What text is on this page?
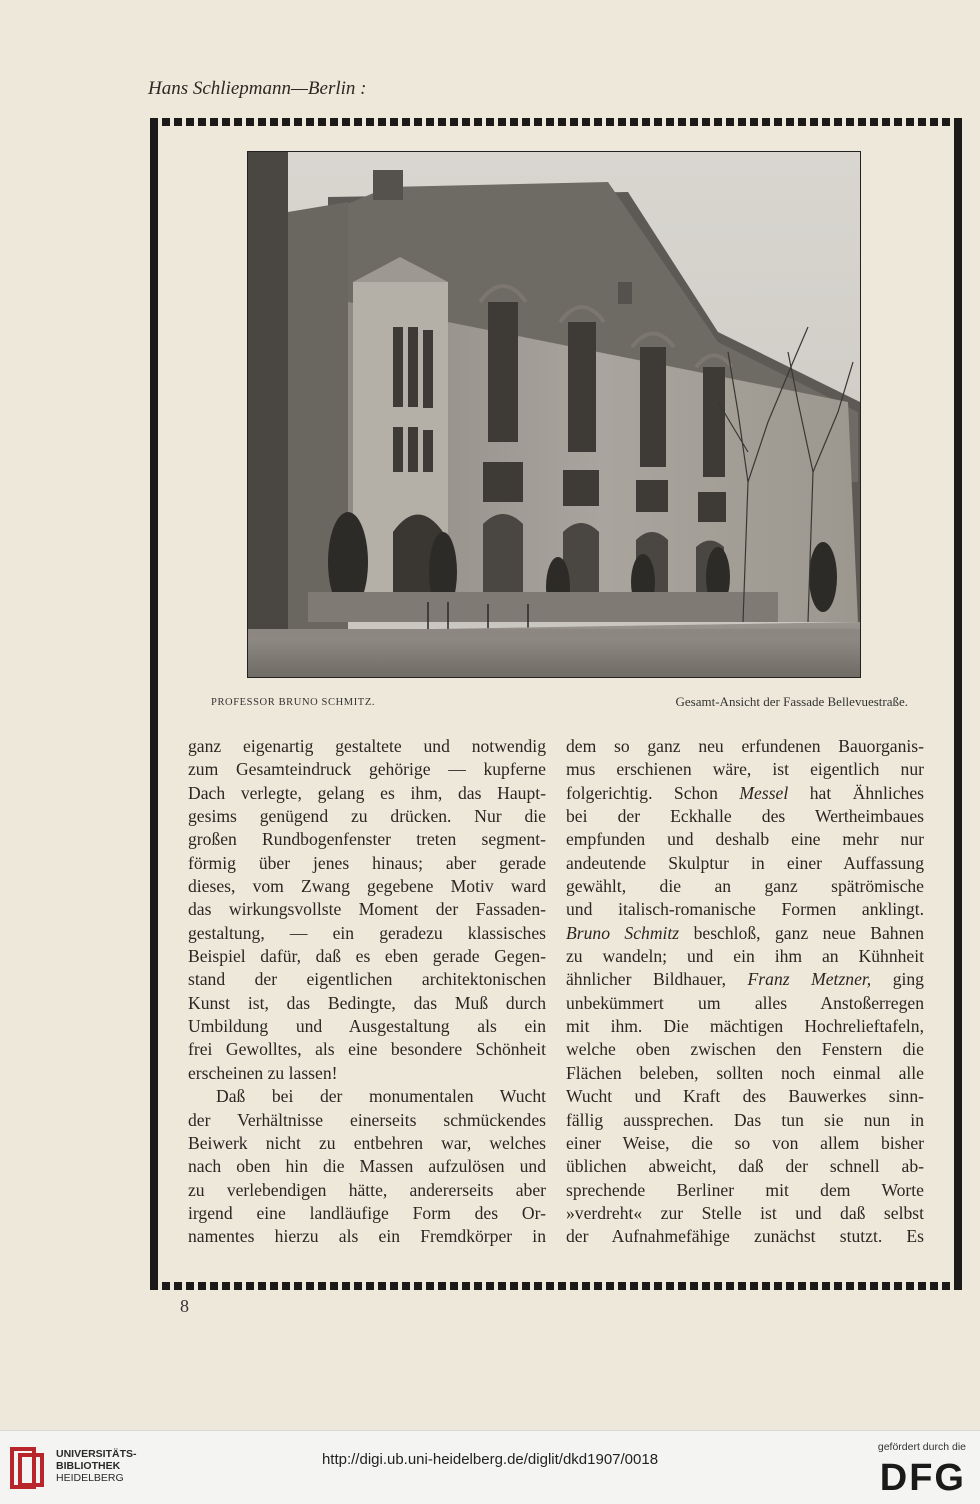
Hans Schliepmann—Berlin :
PROFESSOR BRUNO SCHMITZ.	Gesamt-Ansicht der Fassade Bellevuestraße.
ganz eigenartig gestaltete und notwendig
zum Gesamteindruck gehörige — kupferne
Dach verlegte, gelang es ihm, das Haupt-
gesims genügend zu drücken. Nur die
großen Rundbogenfenster treten segment-
förmig über jenes hinaus; aber gerade
dieses, vom Zwang gegebene Motiv ward
das wirkungsvollste Moment der Fassaden-
gestaltung, — ein geradezu klassisches
Beispiel dafür, daß es eben gerade Gegen-
stand der eigentlichen architektonischen
Kunst ist, das Bedingte, das Muß durch
Umbildung und Ausgestaltung als ein
frei Gewolltes, als eine besondere Schönheit
erscheinen zu lassen!
Daß bei der monumentalen Wucht
der Verhältnisse einerseits schmückendes
Beiwerk nicht zu entbehren war, welches
nach oben hin die Massen aufzulösen und
zu verlebendigen hätte, andererseits aber
irgend eine landläufige Form des Or-
namentes hierzu als ein Fremdkörper in
dem so ganz neu erfundenen Bauorganis-
mus erschienen wäre, ist eigentlich nur
folgerichtig. Schon Messel hat Ähnliches
bei der Eckhalle des Wertheimbaues
empfunden und deshalb eine mehr nur
andeutende Skulptur in einer Auffassung
gewählt, die an ganz spätrömische
und italisch-romanische Formen anklingt.
Bruno Schmitz beschloß, ganz neue Bahnen
zu wandeln; und ein ihm an Kühnheit
ähnlicher Bildhauer, Franz Metzner, ging
unbekümmert um alles Anstoßerregen
mit ihm. Die mächtigen Hochrelieftafeln,
welche oben zwischen den Fenstern die
Flächen beleben, sollten noch einmal alle
Wucht und Kraft des Bauwerkes sinn-
fällig aussprechen. Das tun sie nun in
einer Weise, die so von allem bisher
üblichen abweicht, daß der schnell ab-
sprechende Berliner mit dem Worte
»verdreht« zur Stelle ist und daß selbst
der Aufnahmefähige zunächst stutzt. Es
8
UNIVERSITÄTS-
BIBLIOTHEK
HEIDELBERG
http://digi.ub.uni-heidelberg.de/diglit/dkd1907/0018
gefördert durch die
DFG
